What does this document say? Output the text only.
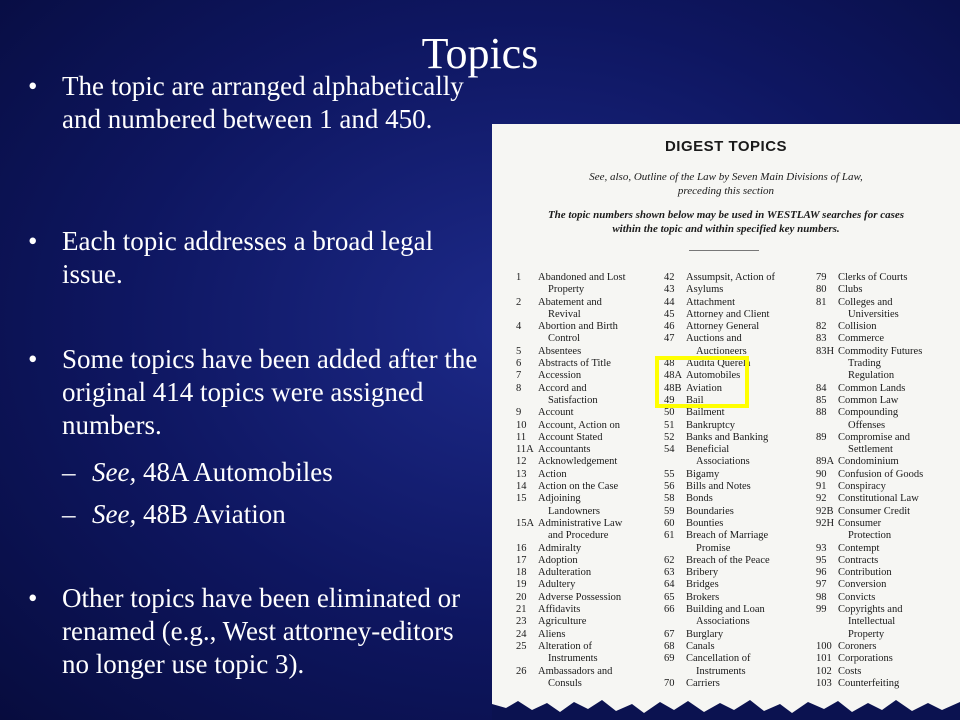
Topics
• The topic are arranged alphabetically and numbered between 1 and 450.
• Each topic addresses a broad legal issue.
• Some topics have been added after the original 414 topics were assigned numbers.
– See, 48A Automobiles
– See, 48B Aviation
• Other topics have been eliminated or renamed (e.g., West attorney-editors no longer use topic 3).
DIGEST TOPICS
See, also, Outline of the Law by Seven Main Divisions of Law,
preceding this section
The topic numbers shown below may be used in WESTLAW searches for cases
within the topic and within specified key numbers.
1	Abandoned and Lost
Property
2	Abatement and
Revival
4	Abortion and Birth
Control
5	Absentees
6	Abstracts of Title
7	Accession
8	Accord and
Satisfaction
9	Account
10	Account, Action on
11	Account Stated
11A Accountants
12	Acknowledgement
13	Action
14	Action on the Case
15	Adjoining
Landowners
15A Administrative Law
and Procedure
16	Admiralty
17	Adoption
18	Adulteration
19	Adultery
20	Adverse Possession
21	Affidavits
23	Agriculture
24	Aliens
25	Alteration of
Instruments
26	Ambassadors and
Consuls
42	Assumpsit, Action of
43	Asylums
44	Attachment
45	Attorney and Client
46	Attorney General
47	Auctions and
Auctioneers
48	Audita Querela
48A Automobiles
48B Aviation
49	Bail
50	Bailment
51	Bankruptcy
52	Banks and Banking
54	Beneficial
Associations
55	Bigamy
56	Bills and Notes
58	Bonds
59	Boundaries
60	Bounties
61	Breach of Marriage
Promise
62	Breach of the Peace
63	Bribery
64	Bridges
65	Brokers
66	Building and Loan
Associations
67	Burglary
68	Canals
69	Cancellation of
Instruments
70	Carriers
79	Clerks of Courts
80	Clubs
81	Colleges and
Universities
82	Collision
83	Commerce
83H Commodity Futures
Trading
Regulation
84	Common Lands
85	Common Law
88	Compounding
Offenses
89	Compromise and
Settlement
89A Condominium
90	Confusion of Goods
91	Conspiracy
92	Constitutional Law
92B Consumer Credit
92H Consumer
Protection
93	Contempt
95	Contracts
96	Contribution
97	Conversion
98	Convicts
99	Copyrights and
Intellectual
Property
100 Coroners
101 Corporations
102 Costs
103 Counterfeiting
